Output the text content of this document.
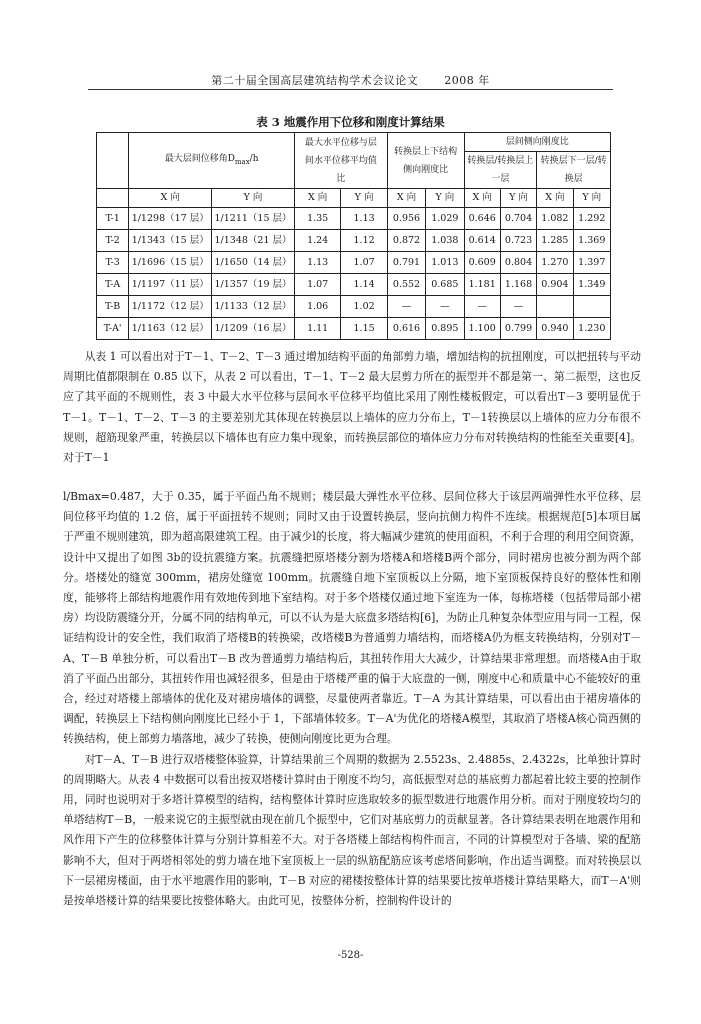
第二十届全国高层建筑结构学术会议论文 2008 年
表 3 地震作用下位移和刚度计算结果
	最大层间位移角$D_{max}/h$		最大水平位移与层间水平位移平均值比		转换层上下结构侧向刚度比		层间侧向刚度比			
							转换层/转换层上一层		转换层下一层/转换层	

	X 向	Y 向	X 向	Y 向	X 向	Y 向	X 向	Y 向	X 向	Y 向
T-1	1/1298（17 层）	1/1211（15 层）	1.35	1.13	0.956	1.029	0.646	0.704	1.082	1.292
T-2	1/1343（15 层）	1/1348（21 层）	1.24	1.12	0.872	1.038	0.614	0.723	1.285	1.369
T-3	1/1696（15 层）	1/1650（14 层）	1.13	1.07	0.791	1.013	0.609	0.804	1.270	1.397
T-A	1/1197（11 层）	1/1357（19 层）	1.07	1.14	0.552	0.685	1.181	1.168	0.904	1.349
T-B	1/1172（12 层）	1/1133（12 层）	1.06	1.02	—	—	—	—		
T-A'	1/1163（12 层）	1/1209（16 层）	1.11	1.15	0.616	0.895	1.100	0.799	0.940	1.230

从表 1 可以看出对于T－1、T－2、T－3 通过增加结构平面的角部剪力墙，增加结构的抗扭刚度，可以把扭转与平动周期比值都限制在 0.85 以下，从表 2 可以看出，T－1、T－2 最大层剪力所在的振型并不都是第一、第二振型，这也反应了其平面的不规则性，表 3 中最大水平位移与层间水平位移平均值比采用了刚性楼板假定，可以看出T－3 要明显优于T－1。T－1、T－2、T－3 的主要差别尤其体现在转换层以上墙体的应力分布上，T－1转换层以上墙体的应力分布很不规则，超筋现象严重，转换层以下墙体也有应力集中现象，而转换层部位的墙体应力分布对转换结构的性能至关重要[4]。对于T－1

l/Bmax=0.487，大于 0.35，属于平面凸角不规则；楼层最大弹性水平位移、层间位移大于该层两端弹性水平位移、层间位移平均值的 1.2 倍，属于平面扭转不规则；同时又由于设置转换层，竖向抗侧力构件不连续。根据规范[5]本项目属于严重不规则建筑，即为超高限建筑工程。由于减少l的长度，将大幅减少建筑的使用面积，不利于合理的利用空间资源，设计中又提出了如图 3b的设抗震缝方案。抗震缝把原塔楼分割为塔楼A和塔楼B两个部分，同时裙房也被分割为两个部分。塔楼处的缝宽 300mm，裙房处缝宽 100mm。抗震缝自地下室顶板以上分隔，地下室顶板保持良好的整体性和刚度，能够将上部结构地震作用有效地传到地下室结构。对于多个塔楼仅通过地下室连为一体，每栋塔楼（包括带局部小裙房）均设防震缝分开，分属不同的结构单元，可以不认为是大底盘多塔结构[6]，为防止几种复杂体型应用与同一工程，保证结构设计的安全性，我们取消了塔楼B的转换梁，改塔楼B为普通剪力墙结构，而塔楼A仍为框支转换结构，分别对T－A、T－B 单独分析，可以看出T－B 改为普通剪力墙结构后，其扭转作用大大减少，计算结果非常理想。而塔楼A由于取消了平面凸出部分，其扭转作用也减轻很多，但是由于塔楼严重的偏于大底盘的一侧，刚度中心和质量中心不能较好的重合，经过对塔楼上部墙体的优化及对裙房墙体的调整，尽量使两者靠近。T－A 为其计算结果，可以看出由于裙房墙体的调配，转换层上下结构侧向刚度比已经小于 1，下部墙体较多。T－A'为优化的塔楼A模型，其取消了塔楼A核心筒西侧的转换结构，使上部剪力墙落地，减少了转换，使侧向刚度比更为合理。

对T－A、T－B 进行双塔楼整体验算，计算结果前三个周期的数据为 2.5523s、2.4885s、2.4322s，比单独计算时的周期略大。从表 4 中数据可以看出按双塔楼计算时由于刚度不均匀，高低振型对总的基底剪力都起着比较主要的控制作用，同时也说明对于多塔计算模型的结构，结构整体计算时应选取较多的振型数进行地震作用分析。而对于刚度较均匀的单塔结构T－B，一般来说它的主振型就由现在前几个振型中，它们对基底剪力的贡献显著。各计算结果表明在地震作用和风作用下产生的位移整体计算与分别计算相差不大。对于各塔楼上部结构构件而言，不同的计算模型对于各墙、梁的配筋影响不大，但对于两塔相邻处的剪力墙在地下室顶板上一层的纵筋配筋应该考虑塔间影响，作出适当调整。而对转换层以下一层裙房楼面，由于水平地震作用的影响，T－B 对应的裙楼按整体计算的结果要比按单塔楼计算结果略大，而T－A'则是按单塔楼计算的结果要比按整体略大。由此可见，按整体分析，控制构件设计的

-528-
